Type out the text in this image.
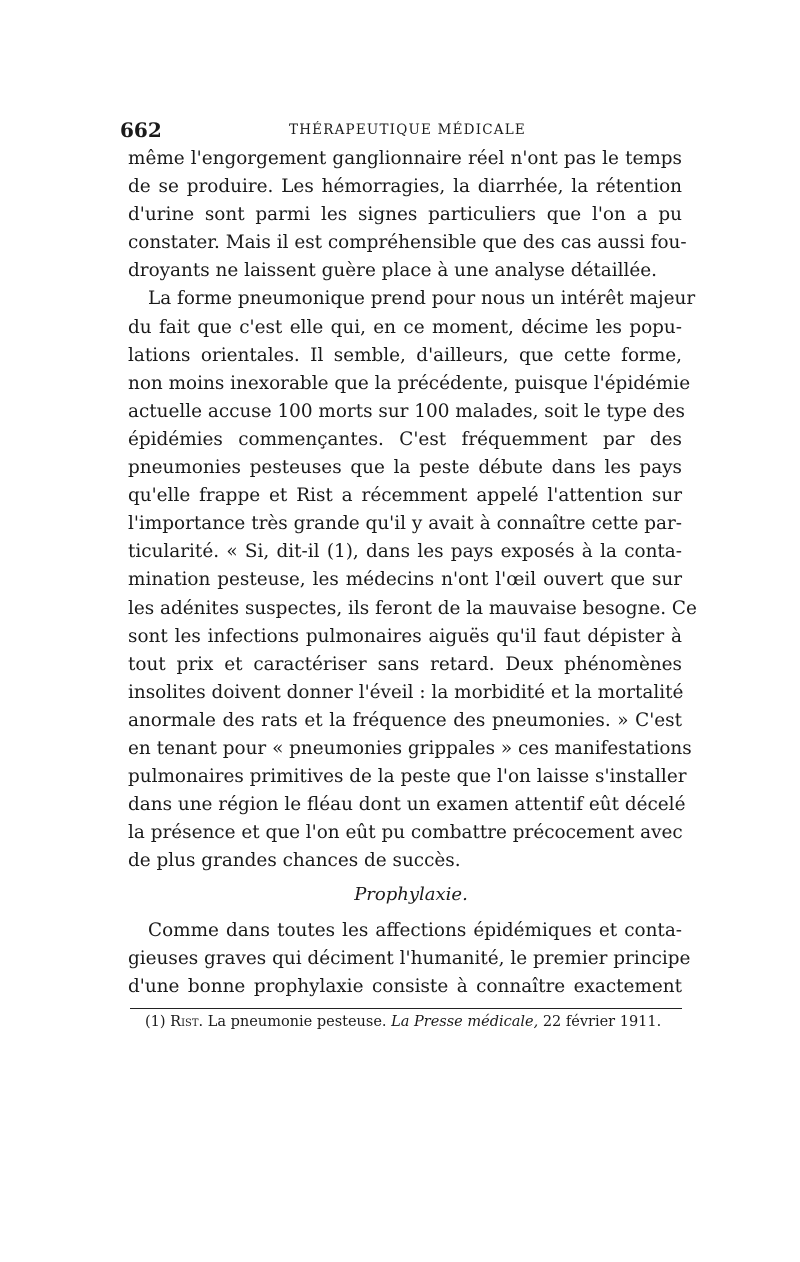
662	THÉRAPEUTIQUE MÉDICALE
même l'engorgement ganglionnaire réel n'ont pas le temps
de se produire. Les hémorragies, la diarrhée, la rétention
d'urine sont parmi les signes particuliers que l'on a pu
constater. Mais il est compréhensible que des cas aussi fou-
droyants ne laissent guère place à une analyse détaillée.
La forme pneumonique prend pour nous un intérêt majeur
du fait que c'est elle qui, en ce moment, décime les popu-
lations orientales. Il semble, d'ailleurs, que cette forme,
non moins inexorable que la précédente, puisque l'épidémie
actuelle accuse 100 morts sur 100 malades, soit le type des
épidémies commençantes. C'est fréquemment par des
pneumonies pesteuses que la peste débute dans les pays
qu'elle frappe et Rist a récemment appelé l'attention sur
l'importance très grande qu'il y avait à connaître cette par-
ticularité. « Si, dit-il (1), dans les pays exposés à la conta-
mination pesteuse, les médecins n'ont l'œil ouvert que sur
les adénites suspectes, ils feront de la mauvaise besogne. Ce
sont les infections pulmonaires aiguës qu'il faut dépister à
tout prix et caractériser sans retard. Deux phénomènes
insolites doivent donner l'éveil : la morbidité et la mortalité
anormale des rats et la fréquence des pneumonies. » C'est
en tenant pour « pneumonies grippales » ces manifestations
pulmonaires primitives de la peste que l'on laisse s'installer
dans une région le fléau dont un examen attentif eût décelé
la présence et que l'on eût pu combattre précocement avec
de plus grandes chances de succès.
Prophylaxie.
Comme dans toutes les affections épidémiques et conta-
gieuses graves qui déciment l'humanité, le premier principe
d'une bonne prophylaxie consiste à connaître exactement
(1) Rist. La pneumonie pesteuse. La Presse médicale, 22 février 1911.
